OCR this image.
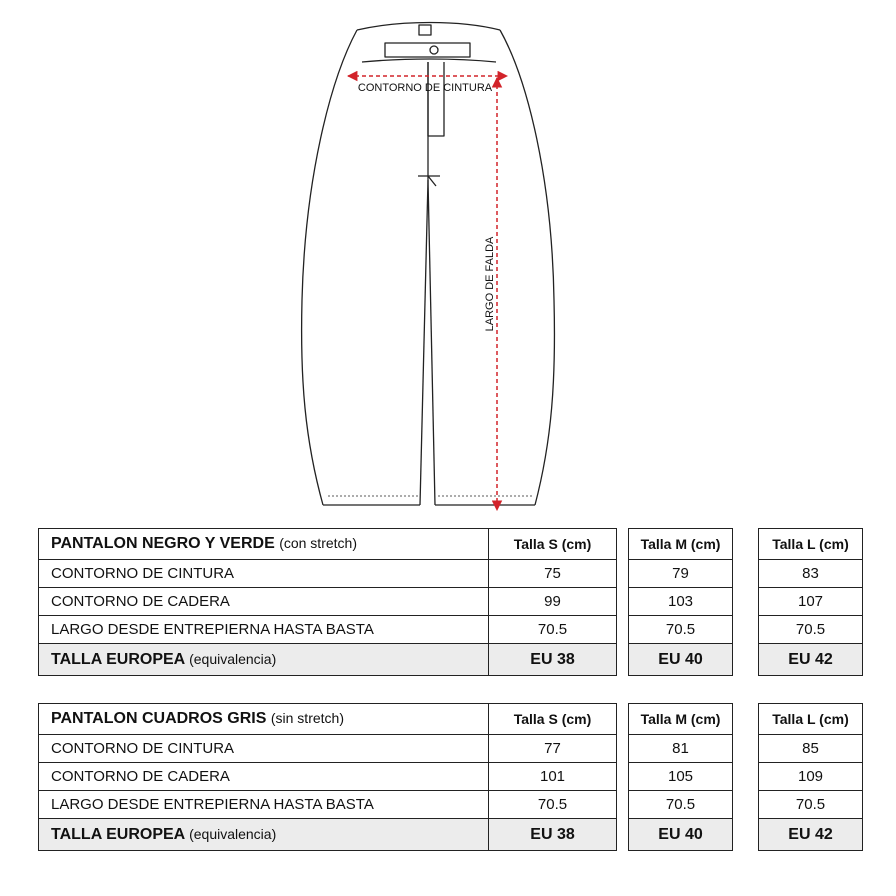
CONTORNO DE CINTURA
LARGO DE FALDA
PANTALON NEGRO Y VERDE (con stretch)	Talla S (cm)		Talla M (cm)		Talla L (cm)
CONTORNO DE CINTURA	75		79		83
CONTORNO DE CADERA	99		103		107
LARGO DESDE ENTREPIERNA HASTA BASTA	70.5		70.5		70.5
TALLA EUROPEA (equivalencia)	EU 38		EU 40		EU 42
PANTALON CUADROS GRIS (sin stretch)	Talla S (cm)		Talla M (cm)		Talla L (cm)
CONTORNO DE CINTURA	77		81		85
CONTORNO DE CADERA	101		105		109
LARGO DESDE ENTREPIERNA HASTA BASTA	70.5		70.5		70.5
TALLA EUROPEA (equivalencia)	EU 38		EU 40		EU 42
